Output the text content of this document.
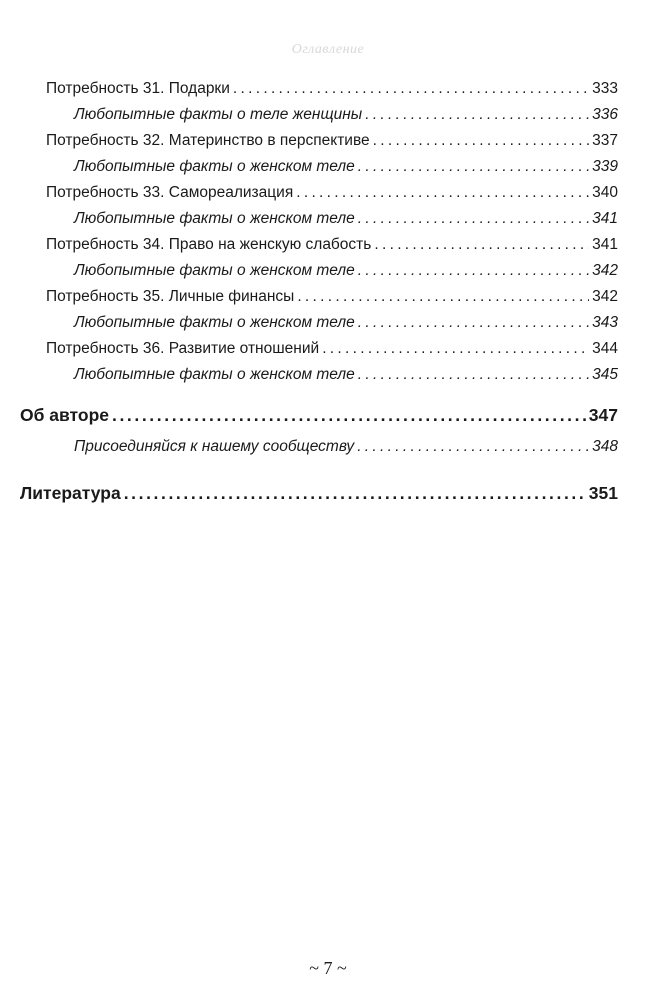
Оглавление
Потребность 31. Подарки . . .	333
Любопытные факты о теле женщины . . .	336
Потребность 32. Материнство в перспективе . . .	337
Любопытные факты о женском теле . . .	339
Потребность 33. Самореализация . . .	340
Любопытные факты о женском теле . . .	341
Потребность 34. Право на женскую слабость . . .	341
Любопытные факты о женском теле . . .	342
Потребность 35. Личные финансы . . .	342
Любопытные факты о женском теле . . .	343
Потребность 36. Развитие отношений . . .	344
Любопытные факты о женском теле . . .	345
Об авторе .....	347
Присоединяйся к нашему сообществу . . .	348
Литература .....	351
~ 7 ~
